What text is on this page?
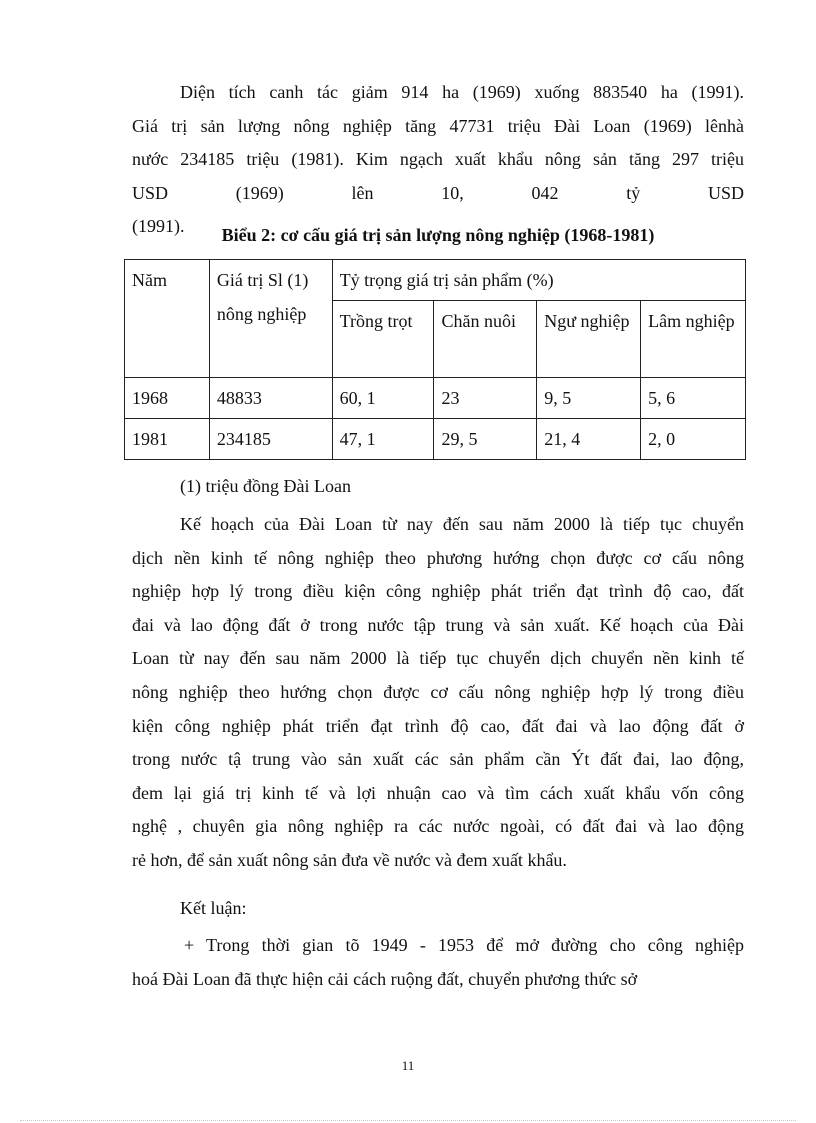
Diện tích canh tác giảm 914 ha (1969) xuống 883540 ha (1991).
Giá trị sản lượng nông nghiệp tăng 47731 triệu Đài Loan (1969) lênhà
nước 234185 triệu (1981). Kim ngạch xuất khẩu nông sản tăng 297 triệu
USD (1969) lên 10, 042 tỷ USD (1991).	Biểu 2: cơ cấu giá trị sản lượng nông nghiệp (1968-1981)
Năm	Giá trị Sl (1) nông nghiệp	Tỷ trọng giá trị sản phẩm (%)			
		Trồng trọt	Chăn nuôi	Ngư nghiệp	Lâm nghiệp
1968	48833	60, 1	23	9, 5	5, 6
1981	234185	47, 1	29, 5	21, 4	2, 0
(1) triệu đồng Đài Loan
Kế hoạch của Đài Loan từ nay đến sau năm 2000 là tiếp tục chuyển
dịch nền kinh tế nông nghiệp theo phương hướng chọn được cơ cấu nông
nghiệp hợp lý trong điều kiện công nghiệp phát triển đạt trình độ cao, đất
đai và lao động đất ở trong nước tập trung và sản xuất. Kế hoạch của Đài
Loan từ nay đến sau năm 2000 là tiếp tục chuyển dịch chuyển nền kinh tế
nông nghiệp theo hướng chọn được cơ cấu nông nghiệp hợp lý trong điều
kiện công nghiệp phát triển đạt trình độ cao, đất đai và lao động đất ở
trong nước tậ trung vào sản xuất các sản phẩm cần Ýt đất đai, lao động,
đem lại giá trị kinh tế và lợi nhuận cao và tìm cách xuất khẩu vốn công
nghệ , chuyên gia nông nghiệp ra các nước ngoài, có đất đai và lao động
rẻ hơn, để sản xuất nông sản đưa về nước và đem xuất khẩu.
Kết luận:
+ Trong thời gian tõ 1949 - 1953 để mở đường cho công nghiệp
hoá Đài Loan đã thực hiện cải cách ruộng đất, chuyển phương thức sở
11
